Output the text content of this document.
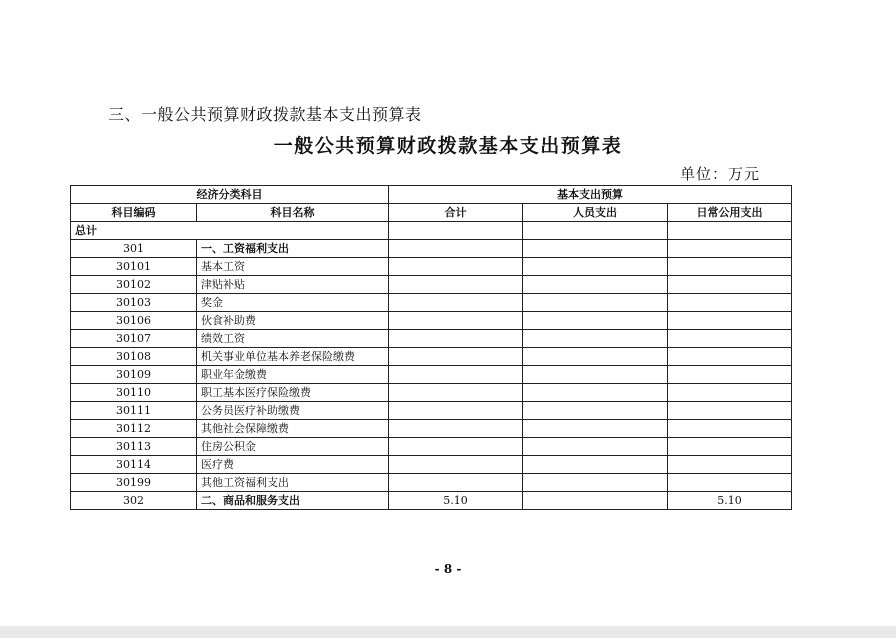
三、一般公共预算财政拨款基本支出预算表
一般公共预算财政拨款基本支出预算表
单位：万元
经济分类科目		基本支出预算		
科目编码	科目名称	合计	人员支出	日常公用支出
总计				
301	一、工资福利支出			
30101	基本工资			
30102	津贴补贴			
30103	奖金			
30106	伙食补助费			
30107	绩效工资			
30108	机关事业单位基本养老保险缴费			
30109	职业年金缴费			
30110	职工基本医疗保险缴费			
30111	公务员医疗补助缴费			
30112	其他社会保障缴费			
30113	住房公积金			
30114	医疗费			
30199	其他工资福利支出			
302	二、商品和服务支出	5.10		5.10
- 8 -
